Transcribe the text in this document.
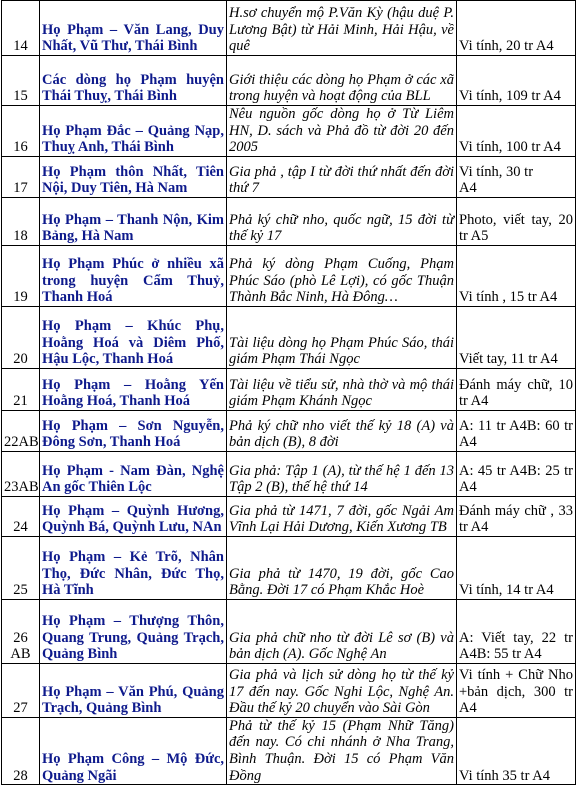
14	Họ Phạm – Văn Lang, Duy Nhất, Vũ Thư, Thái Bình	H.sơ chuyển mộ P.Văn Kỳ (hậu duệ P. Lương Bật) từ Hải Minh, Hải Hậu, về quê	Vi tính, 20 tr A4

15	Các dòng họ Phạm huyện Thái Thuỵ, Thái Bình	Giới thiệu các dòng họ Phạm ở các xã trong huyện và hoạt động của BLL	Vi tính, 109 tr A4

16	Họ Phạm Đắc – Quảng Nạp, Thuỵ Anh, Thái Bình	Nêu nguồn gốc dòng họ ở Từ Liêm HN, D. sách và Phả đồ từ đời 20 đến 2005	Vi tính, 100 tr A4

17	Họ Phạm thôn Nhất, Tiên Nội, Duy Tiên, Hà Nam	Gia phả , tập I từ đời thứ nhất đến đời thứ 7	Vi tính, 30 tr
A4

18	Họ Phạm – Thanh Nộn, Kim Bảng, Hà Nam	Phả ký chữ nho, quốc ngữ, 15 đời từ thế kỷ 17	Photo, viết tay, 20 tr A5

19	Họ Phạm Phúc ở nhiều xã trong huyện Cẩm Thuỷ, Thanh Hoá	Phả ký dòng Phạm Cuống, Phạm Phúc Sáo (phò Lê Lợi), có gốc Thuận Thành Bắc Ninh, Hà Đông…	Vi tính , 15 tr A4

20	Họ Phạm – Khúc Phụ, Hoằng Hoá và Diêm Phố, Hậu Lộc, Thanh Hoá	Tài liệu dòng họ Phạm Phúc Sáo, thái giám Phạm Thái Ngọc	Viết tay, 11 tr A4

21	Họ Phạm – Hoằng Yến Hoằng Hoá, Thanh Hoá	Tài liệu về tiểu sử, nhà thờ và mộ thái giám Phạm Khánh Ngọc	Đánh máy chữ, 10 tr A4

22AB	Họ Phạm – Sơn Nguyễn, Đông Sơn, Thanh Hoá	Phả ký chữ nho viết thế kỷ 18 (A) và bản dịch (B), 8 đời	A: 11 tr A4B: 60 tr A4

23AB	Họ Phạm - Nam Đàn, Nghệ An gốc Thiên Lộc	Gia phả: Tập 1 (A), từ thế hệ 1 đến 13 Tập 2 (B), thế hệ thứ 14	A: 45 tr A4B: 25 tr A4

24	Họ Phạm – Quỳnh Hương, Quỳnh Bá, Quỳnh Lưu, NAn	Gia phả từ 1471, 7 đời, gốc Ngải Am Vĩnh Lại Hải Dương, Kiến Xương TB	Đánh máy chữ , 33 tr A4

25	Họ Phạm – Kẻ Trõ, Nhân Thọ, Đức Nhân, Đức Thọ, Hà Tĩnh	Gia phả từ 1470, 19 đời, gốc Cao Bằng. Đời 17 có Phạm Khắc Hoè	Vi tính, 14 tr A4

26
AB	Họ Phạm – Thượng Thôn, Quang Trung, Quảng Trạch, Quảng Bình	Gia phả chữ nho từ đời Lê sơ (B) và bản dịch (A). Gốc Nghệ An	A: Viết tay, 22 tr A4B: 55 tr A4

27	Họ Phạm – Văn Phú, Quảng Trạch, Quảng Bình	Gia phả và lịch sử dòng họ từ thế kỷ 17 đến nay. Gốc Nghi Lộc, Nghệ An. Đầu thế kỷ 20 chuyển vào Sài Gòn	Vi tính + Chữ Nho +bản dịch, 300 tr A4

28	Họ Phạm Công – Mộ Đức, Quảng Ngãi	Phả từ thế kỷ 15 (Phạm Nhữ Tăng) đến nay. Có chi nhánh ở Nha Trang, Bình Thuận. Đời 15 có Phạm Văn Đồng	Vi tính 35 tr A4
